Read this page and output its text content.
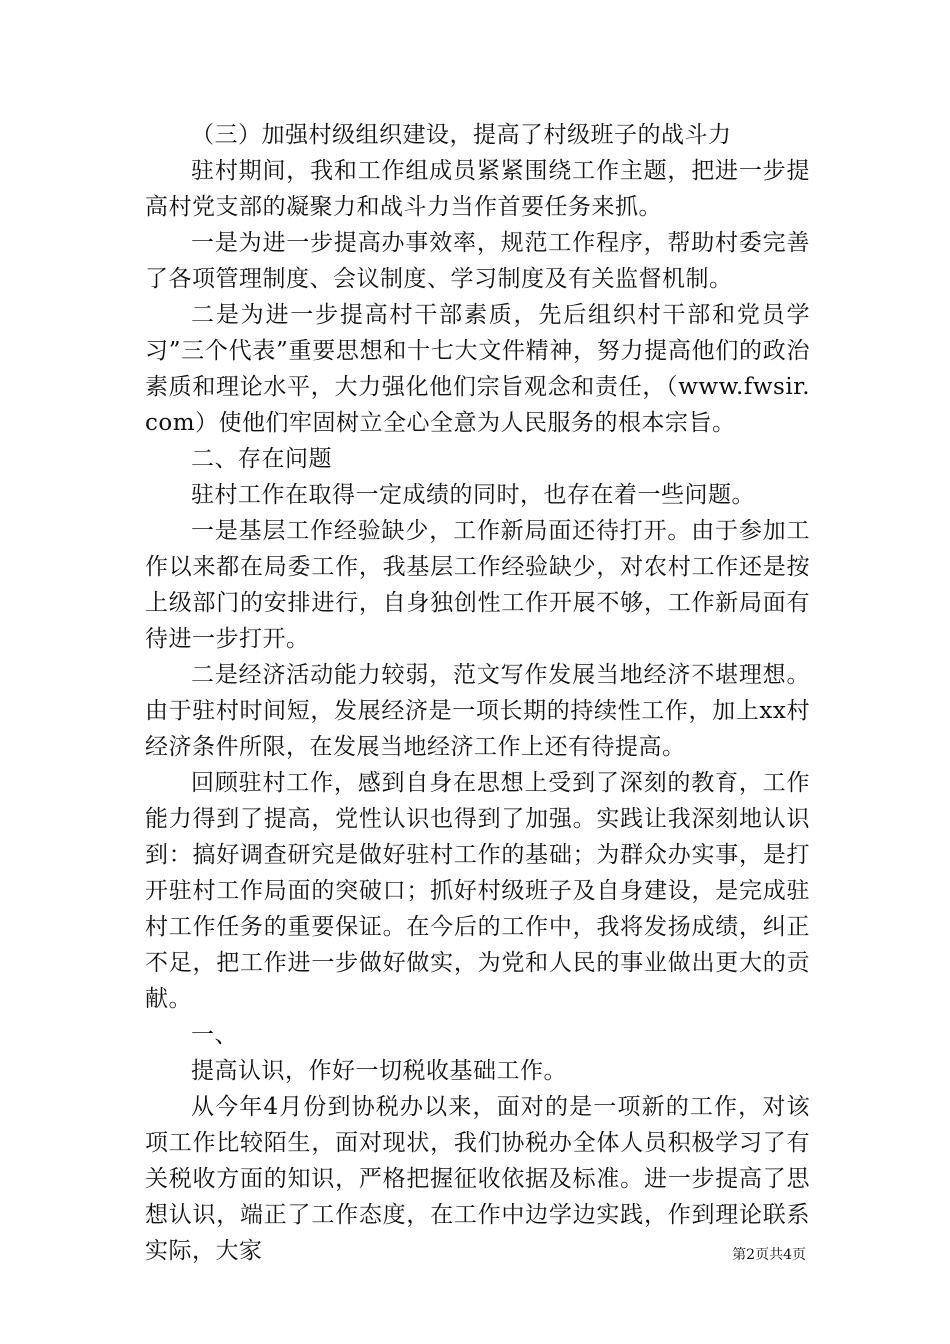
（三）加强村级组织建设，提高了村级班子的战斗力

驻村期间，我和工作组成员紧紧围绕工作主题，把进一步提高村党支部的凝聚力和战斗力当作首要任务来抓。

一是为进一步提高办事效率，规范工作程序，帮助村委完善了各项管理制度、会议制度、学习制度及有关监督机制。

二是为进一步提高村干部素质，先后组织村干部和党员学习”三个代表”重要思想和十七大文件精神，努力提高他们的政治素质和理论水平，大力强化他们宗旨观念和责任，（www.fwsir.com）使他们牢固树立全心全意为人民服务的根本宗旨。

二、存在问题

驻村工作在取得一定成绩的同时，也存在着一些问题。

一是基层工作经验缺少，工作新局面还待打开。由于参加工作以来都在局委工作，我基层工作经验缺少，对农村工作还是按上级部门的安排进行，自身独创性工作开展不够，工作新局面有待进一步打开。

二是经济活动能力较弱，范文写作发展当地经济不堪理想。由于驻村时间短，发展经济是一项长期的持续性工作，加上xx村经济条件所限，在发展当地经济工作上还有待提高。

回顾驻村工作，感到自身在思想上受到了深刻的教育，工作能力得到了提高，党性认识也得到了加强。实践让我深刻地认识到：搞好调查研究是做好驻村工作的基础；为群众办实事，是打开驻村工作局面的突破口；抓好村级班子及自身建设，是完成驻村工作任务的重要保证。在今后的工作中，我将发扬成绩，纠正不足，把工作进一步做好做实，为党和人民的事业做出更大的贡献。

一、

提高认识，作好一切税收基础工作。

从今年4月份到协税办以来，面对的是一项新的工作，对该项工作比较陌生，面对现状，我们协税办全体人员积极学习了有关税收方面的知识，严格把握征收依据及标准。进一步提高了思想认识，端正了工作态度，在工作中边学边实践，作到理论联系实际，大家	第2页共4页
